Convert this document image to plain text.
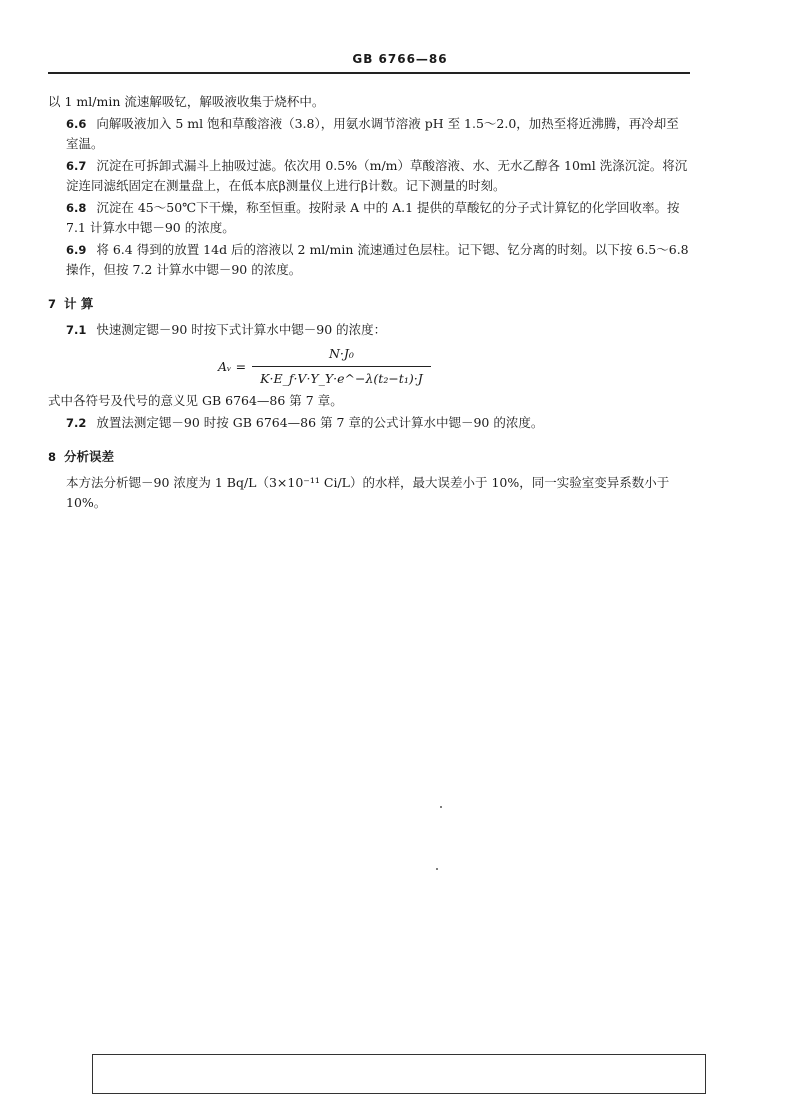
GB 6766—86

以 1 ml/min 流速解吸钇，解吸液收集于烧杯中。

6.6 向解吸液加入 5 ml 饱和草酸溶液（3.8），用氨水调节溶液 pH 至 1.5～2.0，加热至将近沸腾，再冷却至室温。

6.7 沉淀在可拆卸式漏斗上抽吸过滤。依次用 0.5%（m/m）草酸溶液、水、无水乙醇各 10ml 洗涤沉淀。将沉淀连同滤纸固定在测量盘上，在低本底β测量仪上进行β计数。记下测量的时刻。

6.8 沉淀在 45～50℃下干燥，称至恒重。按附录 A 中的 A.1 提供的草酸钇的分子式计算钇的化学回收率。按 7.1 计算水中锶－90 的浓度。

6.9 将 6.4 得到的放置 14d 后的溶液以 2 ml/min 流速通过色层柱。记下锶、钇分离的时刻。以下按 6.5～6.8 操作，但按 7.2 计算水中锶－90 的浓度。

7 计 算

7.1 快速测定锶－90 时按下式计算水中锶－90 的浓度：

Aᵥ = $\frac{\text{N·J₀}}{\text{K·E\_f·V·Y\_Y·e\textasciicircum{}−λ(t₂−t₁)·J}}$

式中各符号及代号的意义见 GB 6764—86 第 7 章。

7.2 放置法测定锶－90 时按 GB 6764—86 第 7 章的公式计算水中锶－90 的浓度。

8 分析误差

本方法分析锶－90 浓度为 1 Bq/L（3×10⁻¹¹ Ci/L）的水样，最大误差小于 10%，同一实验室变异系数小于 10%。
